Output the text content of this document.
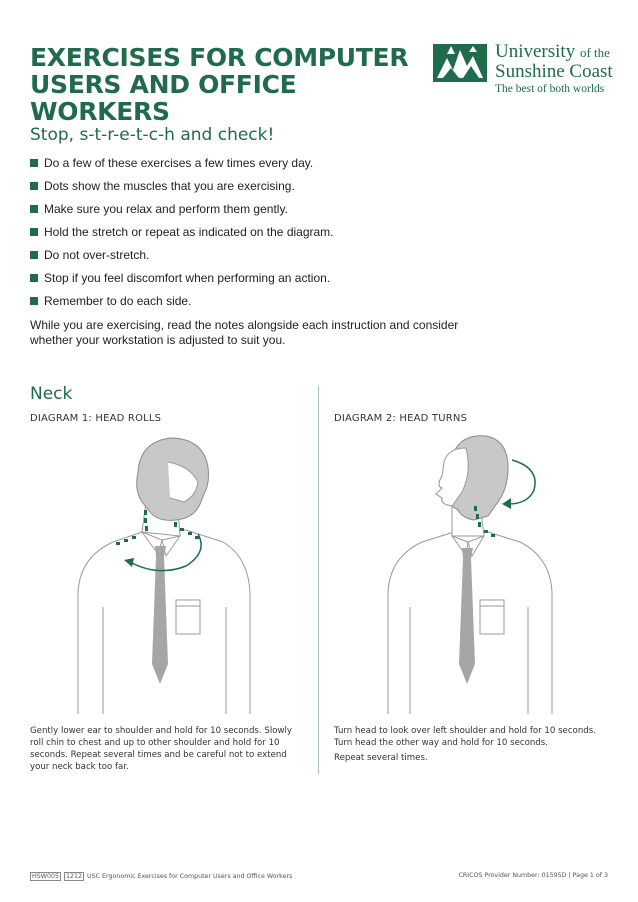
EXERCISES FOR COMPUTER USERS AND OFFICE WORKERS
University of the
Sunshine Coast
The best of both worlds
Stop, s-t-r-e-t-c-h and check!
Do a few of these exercises a few times every day.
Dots show the muscles that you are exercising.
Make sure you relax and perform them gently.
Hold the stretch or repeat as indicated on the diagram.
Do not over-stretch.
Stop if you feel discomfort when performing an action.
Remember to do each side.
While you are exercising, read the notes alongside each instruction and consider whether your workstation is adjusted to suit you.
Neck
DIAGRAM 1: HEAD ROLLS	DIAGRAM 2: HEAD TURNS

Gently lower ear to shoulder and hold for 10 seconds. Slowly roll chin to chest and up to other shoulder and hold for 10 seconds. Repeat several times and be careful not to extend your neck back too far.

Turn head to look over left shoulder and hold for 10 seconds. Turn head the other way and hold for 10 seconds.

Repeat several times.

HSW005 1212 USC Ergonomic Exercises for Computer Users and Office Workers	CRICOS Provider Number: 01595D | Page 1 of 3
